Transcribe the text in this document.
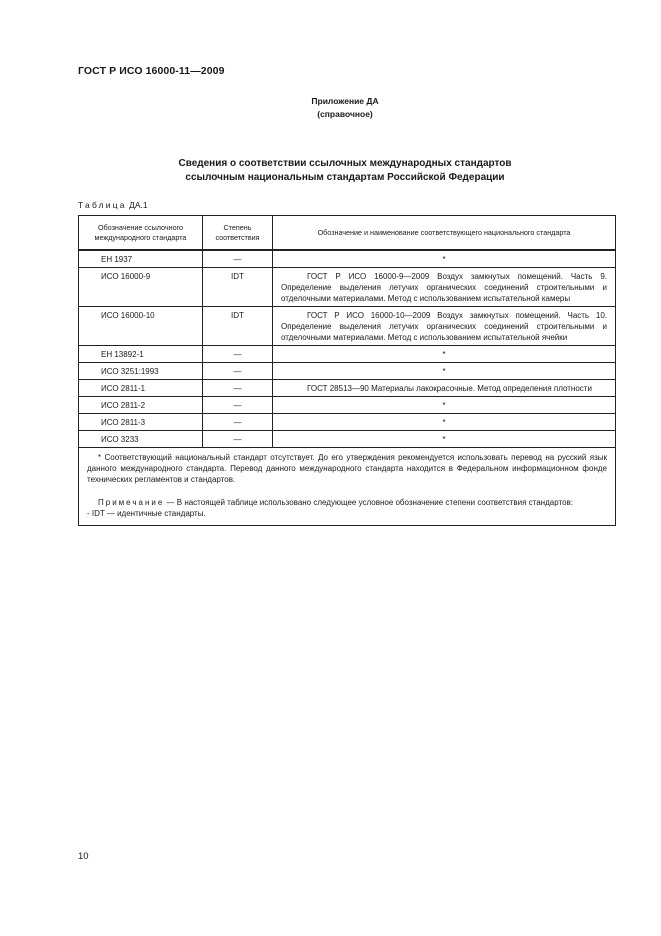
ГОСТ Р ИСО 16000-11—2009
Приложение ДА
(справочное)
Сведения о соответствии ссылочных международных стандартов
ссылочным национальным стандартам Российской Федерации
Таблица ДА.1
Обозначение ссылочного международного стандарта	Степень соответствия	Обозначение и наименование соответствующего национального стандарта
ЕН 1937	—	*
ИСО 16000-9	IDT	ГОСТ Р ИСО 16000-9—2009 Воздух замкнутых помещений. Часть 9. Определение выделения летучих органических соединений строительными и отделочными материалами. Метод с использованием испытательной камеры

ИСО 16000-10	IDT	ГОСТ Р ИСО 16000-10—2009 Воздух замкнутых помещений. Часть 10. Определение выделения летучих органических соединений строительными и отделочными материалами. Метод с использованием испытательной ячейки

ЕН 13892-1	—	*
ИСО 3251:1993	—	*
ИСО 2811-1	—	ГОСТ 28513—90 Материалы лакокрасочные. Метод определения плотности

ИСО 2811-2	—	*
ИСО 2811-3	—	*
ИСО 3233	—	*

* Соответствующий национальный стандарт отсутствует. До его утверждения рекомендуется использовать перевод на русский язык данного международного стандарта. Перевод данного международного стандарта находится в Федеральном информационном фонде технических регламентов и стандартов.

Примечание — В настоящей таблице использовано следующее условное обозначение степени соответствия стандартов:

- IDT — идентичные стандарты.		

10
